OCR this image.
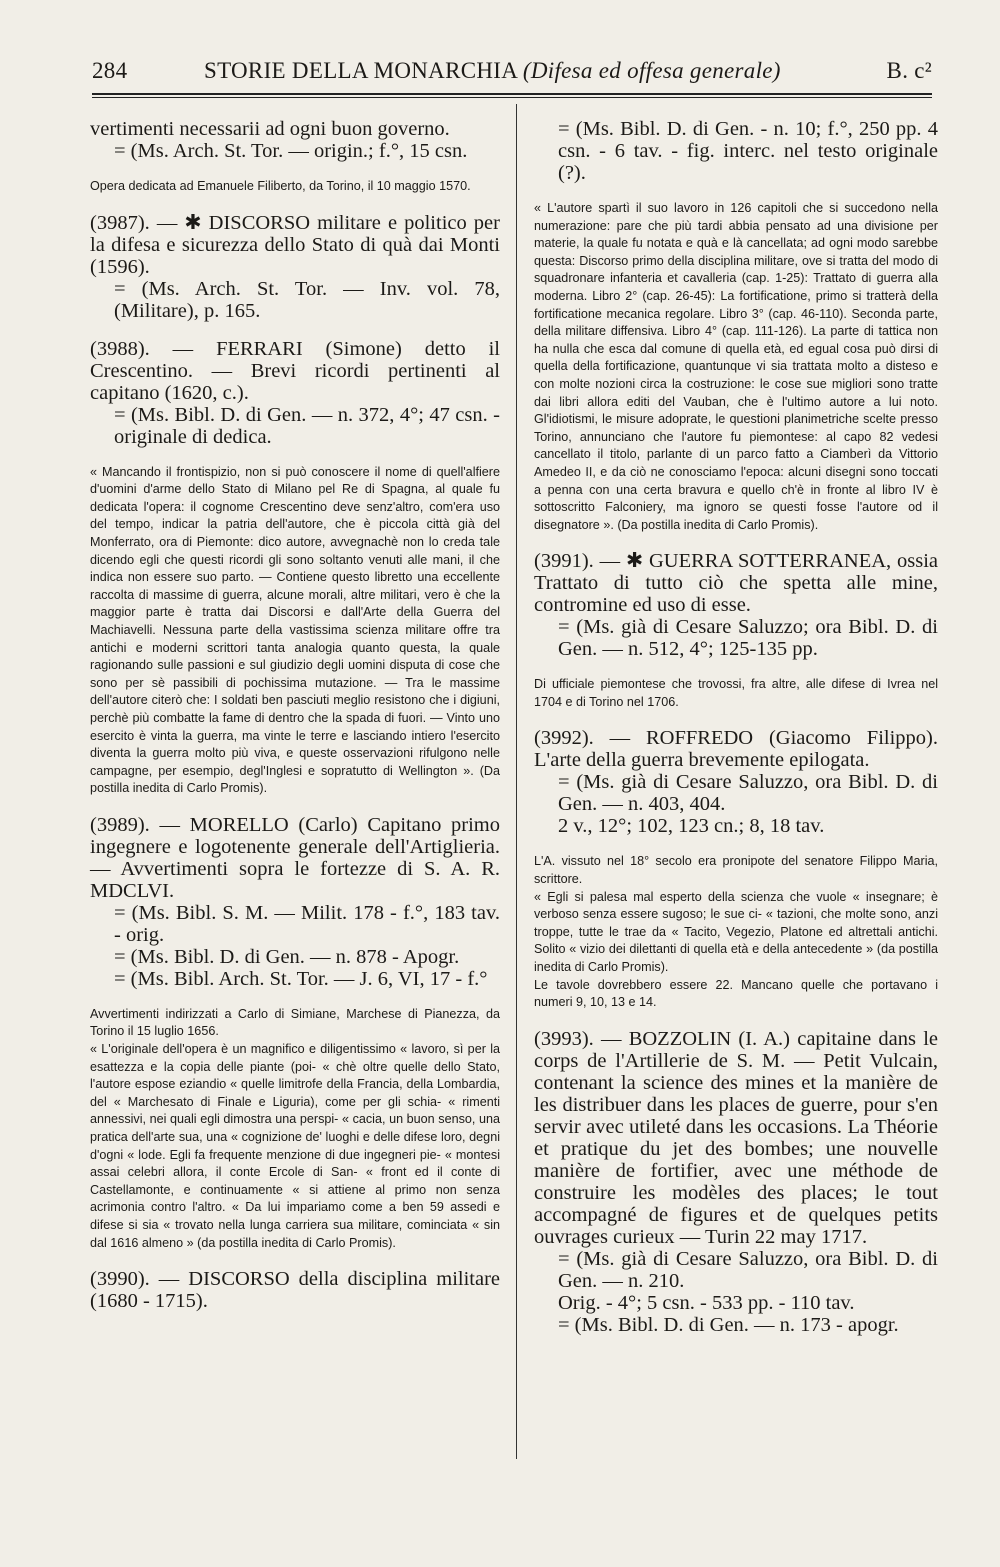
284	STORIE DELLA MONARCHIA (Difesa ed offesa generale)	B. c²

vertimenti necessarii ad ogni buon governo.

= (Ms. Arch. St. Tor. — origin.; f.°, 15 csn.

Opera dedicata ad Emanuele Filiberto, da Torino, il 10 maggio 1570.

(3987). — ✱ DISCORSO militare e politico per la difesa e sicurezza dello Stato di quà dai Monti (1596).

= (Ms. Arch. St. Tor. — Inv. vol. 78, (Militare), p. 165.

(3988). — FERRARI (Simone) detto il Crescentino. — Brevi ricordi pertinenti al capitano (1620, c.).

= (Ms. Bibl. D. di Gen. — n. 372, 4°; 47 csn. - originale di dedica.

« Mancando il frontispizio, non si può conoscere il nome di quell'alfiere d'uomini d'arme dello Stato di Milano pel Re di Spagna, al quale fu dedicata l'opera: il cognome Crescentino deve senz'altro, com'era uso del tempo, indicar la patria dell'autore, che è piccola città già del Monferrato, ora di Piemonte: dico autore, avvegnachè non lo creda tale dicendo egli che questi ricordi gli sono soltanto venuti alle mani, il che indica non essere suo parto. — Contiene questo libretto una eccellente raccolta di massime di guerra, alcune morali, altre militari, vero è che la maggior parte è tratta dai Discorsi e dall'Arte della Guerra del Machiavelli. Nessuna parte della vastissima scienza militare offre tra antichi e moderni scrittori tanta analogia quanto questa, la quale ragionando sulle passioni e sul giudizio degli uomini disputa di cose che sono per sè passibili di pochissima mutazione. — Tra le massime dell'autore citerò che: I soldati ben pasciuti meglio resistono che i digiuni, perchè più combatte la fame di dentro che la spada di fuori. — Vinto uno esercito è vinta la guerra, ma vinte le terre e lasciando intiero l'esercito diventa la guerra molto più viva, e queste osservazioni rifulgono nelle campagne, per esempio, degl'Inglesi e sopratutto di Wellington ». (Da postilla inedita di Carlo Promis).

(3989). — MORELLO (Carlo) Capitano primo ingegnere e logotenente generale dell'Artiglieria. — Avvertimenti sopra le fortezze di S. A. R. MDCLVI.

= (Ms. Bibl. S. M. — Milit. 178 - f.°, 183 tav. - orig.

= (Ms. Bibl. D. di Gen. — n. 878 - Apogr.

= (Ms. Bibl. Arch. St. Tor. — J. 6, VI, 17 - f.°

Avvertimenti indirizzati a Carlo di Simiane, Marchese di Pianezza, da Torino il 15 luglio 1656.

« L'originale dell'opera è un magnifico e diligentissimo « lavoro, sì per la esattezza e la copia delle piante (poi- « chè oltre quelle dello Stato, l'autore espose eziandio « quelle limitrofe della Francia, della Lombardia, del « Marchesato di Finale e Liguria), come per gli schia- « rimenti annessivi, nei quali egli dimostra una perspi- « cacia, un buon senso, una pratica dell'arte sua, una « cognizione de' luoghi e delle difese loro, degni d'ogni « lode. Egli fa frequente menzione di due ingegneri pie- « montesi assai celebri allora, il conte Ercole di San- « front ed il conte di Castellamonte, e continuamente « si attiene al primo non senza acrimonia contro l'altro. « Da lui impariamo come a ben 59 assedi e difese si sia « trovato nella lunga carriera sua militare, cominciata « sin dal 1616 almeno » (da postilla inedita di Carlo Promis).

(3990). — DISCORSO della disciplina militare (1680 - 1715).

= (Ms. Bibl. D. di Gen. - n. 10; f.°, 250 pp. 4 csn. - 6 tav. - fig. interc. nel testo originale (?).

« L'autore spartì il suo lavoro in 126 capitoli che si succedono nella numerazione: pare che più tardi abbia pensato ad una divisione per materie, la quale fu notata e quà e là cancellata; ad ogni modo sarebbe questa: Discorso primo della disciplina militare, ove si tratta del modo di squadronare infanteria et cavalleria (cap. 1-25): Trattato di guerra alla moderna. Libro 2° (cap. 26-45): La fortificatione, primo si tratterà della fortificatione mecanica regolare. Libro 3° (cap. 46-110). Seconda parte, della militare diffensiva. Libro 4° (cap. 111-126). La parte di tattica non ha nulla che esca dal comune di quella età, ed egual cosa può dirsi di quella della fortificazione, quantunque vi sia trattata molto a disteso e con molte nozioni circa la costruzione: le cose sue migliori sono tratte dai libri allora editi del Vauban, che è l'ultimo autore a lui noto. Gl'idiotismi, le misure adoprate, le questioni planimetriche scelte presso Torino, annunciano che l'autore fu piemontese: al capo 82 vedesi cancellato il titolo, parlante di un parco fatto a Ciamberì da Vittorio Amedeo II, e da ciò ne conosciamo l'epoca: alcuni disegni sono toccati a penna con una certa bravura e quello ch'è in fronte al libro IV è sottoscritto Falconiery, ma ignoro se questi fosse l'autore od il disegnatore ». (Da postilla inedita di Carlo Promis).

(3991). — ✱ GUERRA SOTTERRANEA, ossia Trattato di tutto ciò che spetta alle mine, contromine ed uso di esse.

= (Ms. già di Cesare Saluzzo; ora Bibl. D. di Gen. — n. 512, 4°; 125-135 pp.

Di ufficiale piemontese che trovossi, fra altre, alle difese di Ivrea nel 1704 e di Torino nel 1706.

(3992). — ROFFREDO (Giacomo Filippo). L'arte della guerra brevemente epilogata.

= (Ms. già di Cesare Saluzzo, ora Bibl. D. di Gen. — n. 403, 404.

2 v., 12°; 102, 123 cn.; 8, 18 tav.

L'A. vissuto nel 18° secolo era pronipote del senatore Filippo Maria, scrittore.

« Egli si palesa mal esperto della scienza che vuole « insegnare; è verboso senza essere sugoso; le sue ci- « tazioni, che molte sono, anzi troppe, tutte le trae da « Tacito, Vegezio, Platone ed altrettali antichi. Solito « vizio dei dilettanti di quella età e della antecedente » (da postilla inedita di Carlo Promis).

Le tavole dovrebbero essere 22. Mancano quelle che portavano i numeri 9, 10, 13 e 14.

(3993). — BOZZOLIN (I. A.) capitaine dans le corps de l'Artillerie de S. M. — Petit Vulcain, contenant la science des mines et la manière de les distribuer dans les places de guerre, pour s'en servir avec utileté dans les occasions. La Théorie et pratique du jet des bombes; une nouvelle manière de fortifier, avec une méthode de construire les modèles des places; le tout accompagné de figures et de quelques petits ouvrages curieux — Turin 22 may 1717.

= (Ms. già di Cesare Saluzzo, ora Bibl. D. di Gen. — n. 210.

Orig. - 4°; 5 csn. - 533 pp. - 110 tav.

= (Ms. Bibl. D. di Gen. — n. 173 - apogr.
